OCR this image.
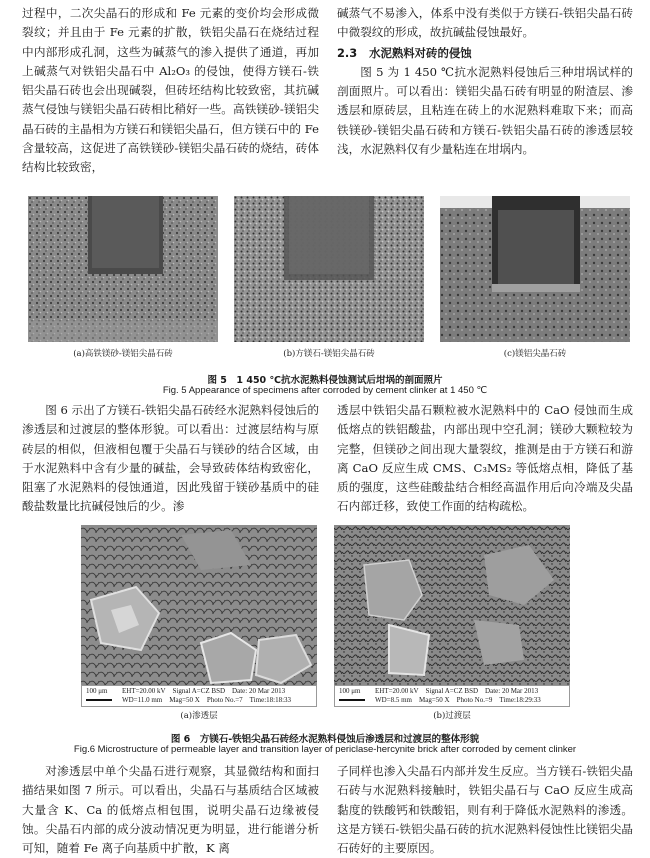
过程中，二次尖晶石的形成和 Fe 元素的变价均会形成微裂纹；并且由于 Fe 元素的扩散，铁铝尖晶石在烧结过程中内部形成孔洞，这些为碱蒸气的渗入提供了通道，再加上碱蒸气对铁铝尖晶石中 Al₂O₃ 的侵蚀，使得方镁石-铁铝尖晶石砖也会出现碱裂，但砖坯结构比较致密，其抗碱蒸气侵蚀与镁铝尖晶石砖相比稍好一些。高铁镁砂-镁铝尖晶石砖的主晶相为方镁石和镁铝尖晶石，但方镁石中的 Fe 含量较高，这促进了高铁镁砂-镁铝尖晶石砖的烧结，砖体结构比较致密，

碱蒸气不易渗入，体系中没有类似于方镁石-铁铝尖晶石砖中微裂纹的形成，故抗碱盐侵蚀最好。

2.3 水泥熟料对砖的侵蚀

图 5 为 1 450 ℃抗水泥熟料侵蚀后三种坩埚试样的剖面照片。可以看出：镁铝尖晶石砖有明显的附渣层、渗透层和原砖层，且粘连在砖上的水泥熟料难取下来；而高铁镁砂-镁铝尖晶石砖和方镁石-铁铝尖晶石砖的渗透层较浅，水泥熟料仅有少量粘连在坩埚内。

(a)高铁镁砂-镁铝尖晶石砖	(b)方镁石-镁铝尖晶石砖	(c)镁铝尖晶石砖
图 5　1 450 ℃抗水泥熟料侵蚀测试后坩埚的剖面照片
Fig. 5 Appearance of specimens after corroded by cement clinker at 1 450 ℃

图 6 示出了方镁石-铁铝尖晶石砖经水泥熟料侵蚀后的渗透层和过渡层的整体形貌。可以看出：过渡层结构与原砖层的相似，但液相包覆于尖晶石与镁砂的结合区域，由于水泥熟料中含有少量的碱盐，会导致砖体结构致密化，阻塞了水泥熟料的侵蚀通道，因此残留于镁砂基质中的硅酸盐数量比抗碱侵蚀后的少。渗

透层中铁铝尖晶石颗粒被水泥熟料中的 CaO 侵蚀而生成低熔点的铁铝酸盐，内部出现中空孔洞；镁砂大颗粒较为完整，但镁砂之间出现大量裂纹，推测是由于方镁石和游离 CaO 反应生成 CMS、C₃MS₂ 等低熔点相，降低了基质的强度，这些硅酸盐结合相经高温作用后向冷端及尖晶石内部迁移，致使工作面的结构疏松。

100 μm	EHT=20.00 kV　Signal A=CZ BSD　Date: 20 Mar 2013
WD=11.0 mm　Mag=50 X　Photo No.=7　Time:18:18:33
(a)渗透层
100 μm	EHT=20.00 kV　Signal A=CZ BSD　Date: 20 Mar 2013
WD=8.5 mm　Mag=50 X　Photo No.=9　Time:18:29:33
(b)过渡层
图 6　方镁石-铁铝尖晶石砖经水泥熟料侵蚀后渗透层和过渡层的整体形貌
Fig.6 Microstructure of permeable layer and transition layer of periclase-hercynite brick after corroded by cement clinker

对渗透层中单个尖晶石进行观察，其显微结构和面扫描结果如图 7 所示。可以看出，尖晶石与基质结合区域被大量含 K、Ca 的低熔点相包围，说明尖晶石边缘被侵蚀。尖晶石内部的成分波动情况更为明显，进行能谱分析可知，随着 Fe 离子向基质中扩散，K 离

子同样也渗入尖晶石内部并发生反应。当方镁石-铁铝尖晶石砖与水泥熟料接触时，铁铝尖晶石与 CaO 反应生成高黏度的铁酸钙和铁酸铝，则有利于降低水泥熟料的渗透。这是方镁石-铁铝尖晶石砖的抗水泥熟料侵蚀性比镁铝尖晶石砖好的主要原因。
